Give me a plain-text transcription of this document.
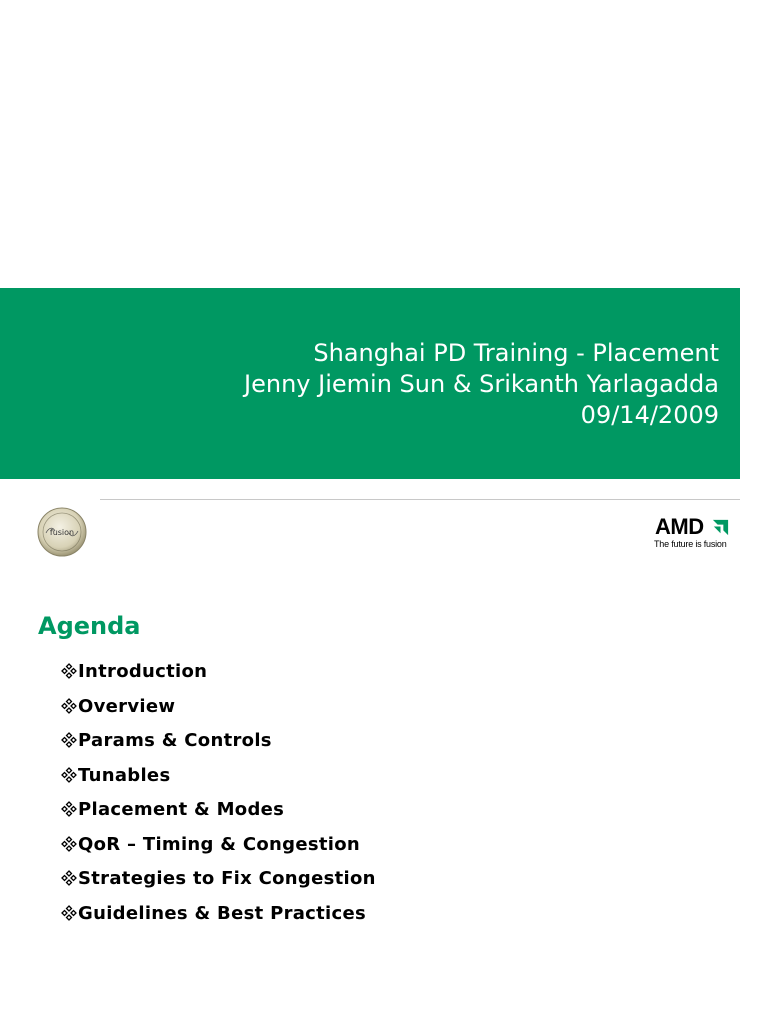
Shanghai PD Training - Placement
Jenny Jiemin Sun & Srikanth Yarlagadda
09/14/2009
fusion	AMD
The future is fusion
Agenda
Introduction
Overview
Params & Controls
Tunables
Placement & Modes
QoR – Timing & Congestion
Strategies to Fix Congestion
Guidelines & Best Practices
